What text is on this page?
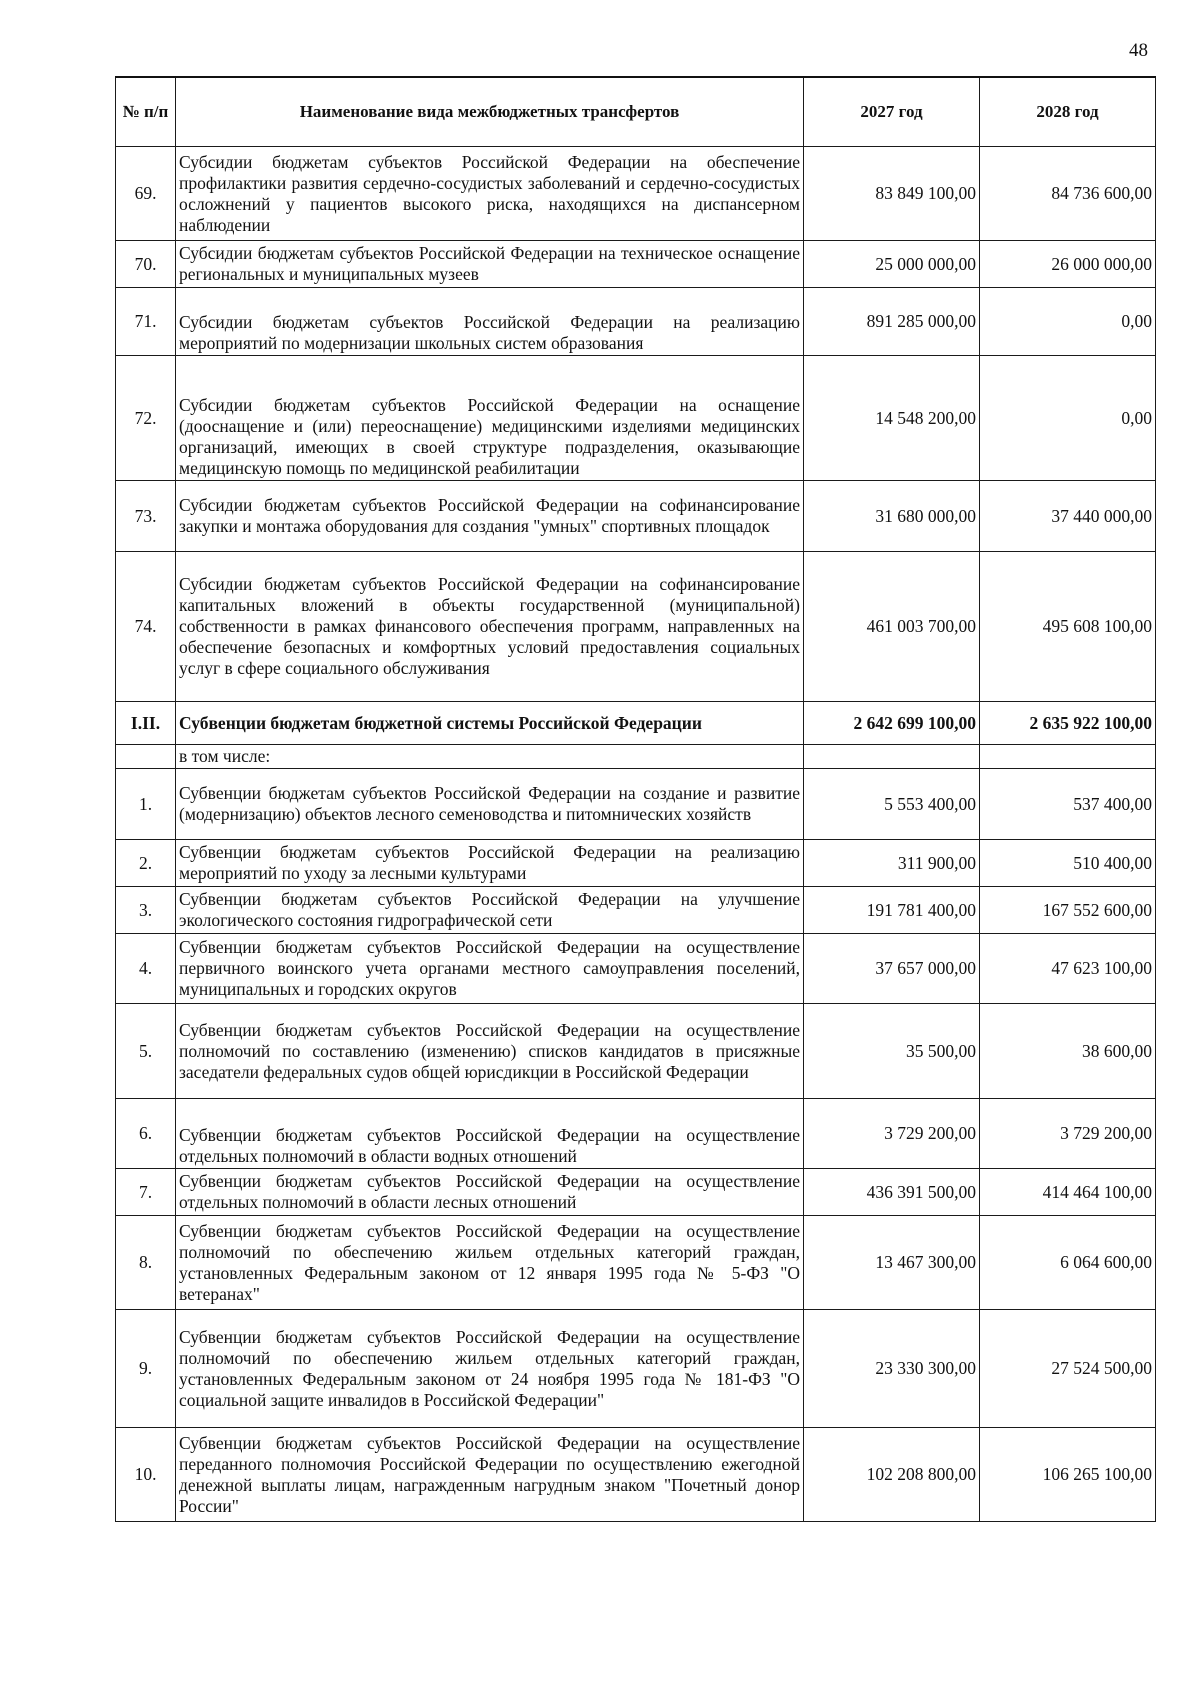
48
№ п/п	Наименование вида межбюджетных трансфертов	2027 год	2028 год
69.	Субсидии бюджетам субъектов Российской Федерации на обеспечение профилактики развития сердечно-сосудистых заболеваний и сердечно-сосудистых осложнений у пациентов высокого риска, находящихся на диспансерном наблюдении	83 849 100,00	84 736 600,00
70.	Субсидии бюджетам субъектов Российской Федерации на техническое оснащение региональных и муниципальных музеев	25 000 000,00	26 000 000,00
71.	Субсидии бюджетам субъектов Российской Федерации на реализацию мероприятий по модернизации школьных систем образования	891 285 000,00	0,00
72.	Субсидии бюджетам субъектов Российской Федерации на оснащение (дооснащение и (или) переоснащение) медицинскими изделиями медицинских организаций, имеющих в своей структуре подразделения, оказывающие медицинскую помощь по медицинской реабилитации	14 548 200,00	0,00
73.	Субсидии бюджетам субъектов Российской Федерации на софинансирование закупки и монтажа оборудования для создания "умных" спортивных площадок	31 680 000,00	37 440 000,00
74.	Субсидии бюджетам субъектов Российской Федерации на софинансирование капитальных вложений в объекты государственной (муниципальной) собственности в рамках финансового обеспечения программ, направленных на обеспечение безопасных и комфортных условий предоставления социальных услуг в сфере социального обслуживания	461 003 700,00	495 608 100,00
I.II.	Субвенции бюджетам бюджетной системы Российской Федерации	2 642 699 100,00	2 635 922 100,00
	в том числе:		
1.	Субвенции бюджетам субъектов Российской Федерации на создание и развитие (модернизацию) объектов лесного семеноводства и питомнических хозяйств	5 553 400,00	537 400,00
2.	Субвенции бюджетам субъектов Российской Федерации на реализацию мероприятий по уходу за лесными культурами	311 900,00	510 400,00
3.	Субвенции бюджетам субъектов Российской Федерации на улучшение экологического состояния гидрографической сети	191 781 400,00	167 552 600,00
4.	Субвенции бюджетам субъектов Российской Федерации на осуществление первичного воинского учета органами местного самоуправления поселений, муниципальных и городских округов	37 657 000,00	47 623 100,00
5.	Субвенции бюджетам субъектов Российской Федерации на осуществление полномочий по составлению (изменению) списков кандидатов в присяжные заседатели федеральных судов общей юрисдикции в Российской Федерации	35 500,00	38 600,00
6.	Субвенции бюджетам субъектов Российской Федерации на осуществление отдельных полномочий в области водных отношений	3 729 200,00	3 729 200,00
7.	Субвенции бюджетам субъектов Российской Федерации на осуществление отдельных полномочий в области лесных отношений	436 391 500,00	414 464 100,00
8.	Субвенции бюджетам субъектов Российской Федерации на осуществление полномочий по обеспечению жильем отдельных категорий граждан, установленных Федеральным законом от 12 января 1995 года № 5-ФЗ "О ветеранах"	13 467 300,00	6 064 600,00
9.	Субвенции бюджетам субъектов Российской Федерации на осуществление полномочий по обеспечению жильем отдельных категорий граждан, установленных Федеральным законом от 24 ноября 1995 года № 181-ФЗ "О социальной защите инвалидов в Российской Федерации"	23 330 300,00	27 524 500,00
10.	Субвенции бюджетам субъектов Российской Федерации на осуществление переданного полномочия Российской Федерации по осуществлению ежегодной денежной выплаты лицам, награжденным нагрудным знаком "Почетный донор России"	102 208 800,00	106 265 100,00
